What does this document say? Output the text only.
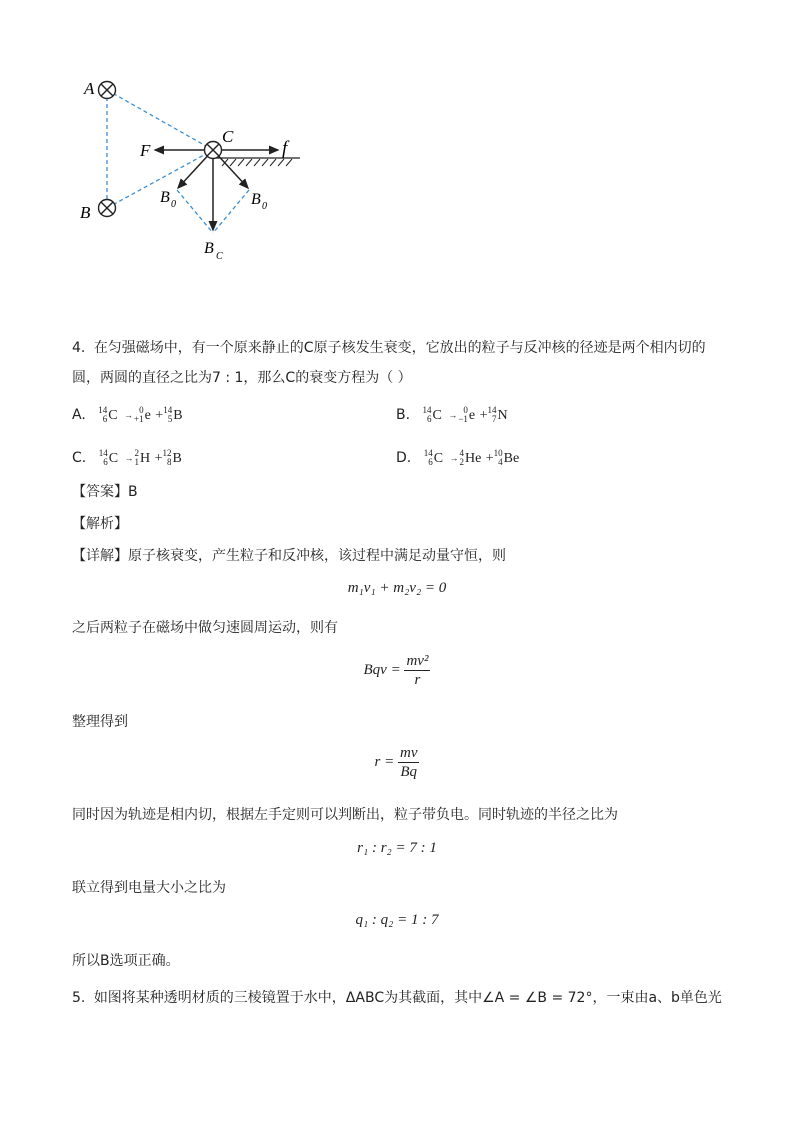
A
B
C
F	f
B 0	B 0
B C
4. 在匀强磁场中，有一个原来静止的C原子核发生衰变，它放出的粒子与反冲核的径迹是两个相内切的
圆，两圆的直径之比为7 : 1，那么C的衰变方程为（ ）
A. 14
6 C → 0
+1 e + 14
5 B	B. 14
6 C → 0
−1 e + 14
7 N
C. 14
6 C → 2
1 H + 12
8 B	D. 14
6 C → 4
2 He + 10
4 Be
【答案】B
【解析】
【详解】原子核衰变，产生粒子和反冲核，该过程中满足动量守恒，则
m₁v₁ + m₂v₂ = 0
之后两粒子在磁场中做匀速圆周运动，则有
Bqv = $\frac{\text{mv²}}{r}$
整理得到
$r = \frac{mv}{Bq}$
同时因为轨迹是相内切，根据左手定则可以判断出，粒子带负电。同时轨迹的半径之比为
r₁ : r₂ = 7 : 1
联立得到电量大小之比为
q₁ : q₂ = 1 : 7
所以B选项正确。
5. 如图将某种透明材质的三棱镜置于水中，ΔABC为其截面，其中∠A = ∠B = 72°，一束由a、b单色光
